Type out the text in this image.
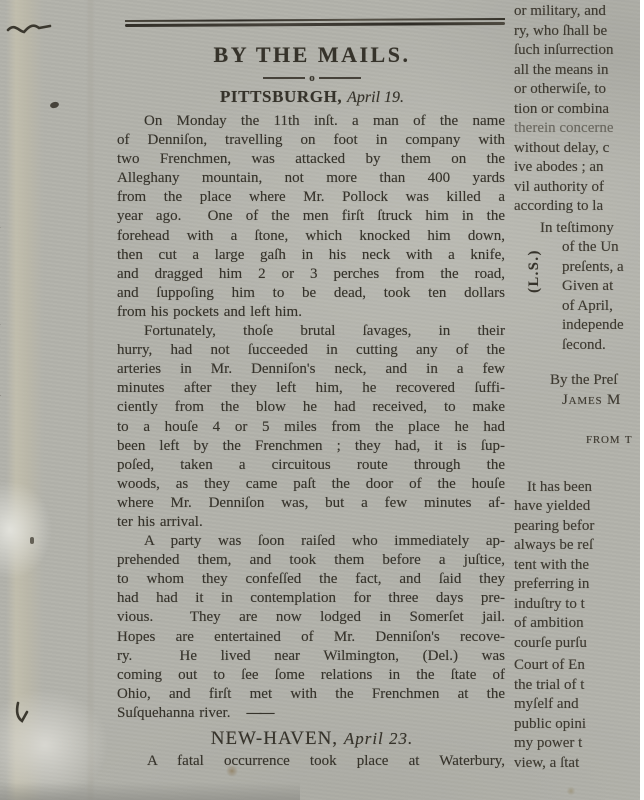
BY THE MAILS.
o
PITTSBURGH, April 19.
On Monday the 11th inſt. a man of the name
of Denniſon, travelling on foot in company with
two Frenchmen, was attacked by them on the
Alleghany mountain, not more than 400 yards
from the place where Mr. Pollock was killed a
year ago.  One of the men firſt ſtruck him in the
forehead with a ſtone, which knocked him down,
then cut a large gaſh in his neck with a knife,
and dragged him 2 or 3 perches from the road,
and ſuppoſing him to be dead, took ten dollars
from his pockets and left him.
Fortunately, thoſe brutal ſavages, in their
hurry, had not ſucceeded in cutting any of the
arteries in Mr. Denniſon's neck, and in a few
minutes after they left him, he recovered ſuffi-
ciently from the blow he had received, to make
to a houſe 4 or 5 miles from the place he had
been left by the Frenchmen ; they had, it is ſup-
poſed, taken a circuitous route through the
woods, as they came paſt the door of the houſe
where Mr. Denniſon was, but a few minutes af-
ter his arrival.
A party was ſoon raiſed who immediately ap-
prehended them, and took them before a juſtice,
to whom they confeſſed the fact, and ſaid they
had had it in contemplation for three days pre-
vious.  They are now lodged in Somerſet jail.
Hopes are entertained of Mr. Denniſon's recove-
ry.  He lived near Wilmington, (Del.) was
coming out to ſee ſome relations in the ſtate of
Ohio, and firſt met with the Frenchmen at the
Suſquehanna river. ——
NEW-HAVEN, April 23.
A fatal occurrence took place at Waterbury,
or military, and
ry, who ſhall be
ſuch inſurrection
all the means in
or otherwiſe, to
tion or combina
therein concerne
without delay, c
ive abodes ; an
vil authority of
according to la
In teſtimony
of the Un
preſents, a
Given at
of April,
independe
ſecond.
By the Preſ
James M
from t
It has been
have yielded
pearing befor
always be reſ
tent with the
preferring in
induſtry to t
of ambition
courſe purſu
Court of En
the trial of t
myſelf and
public opini
my power t
view, a ſtat
(L.S.)
